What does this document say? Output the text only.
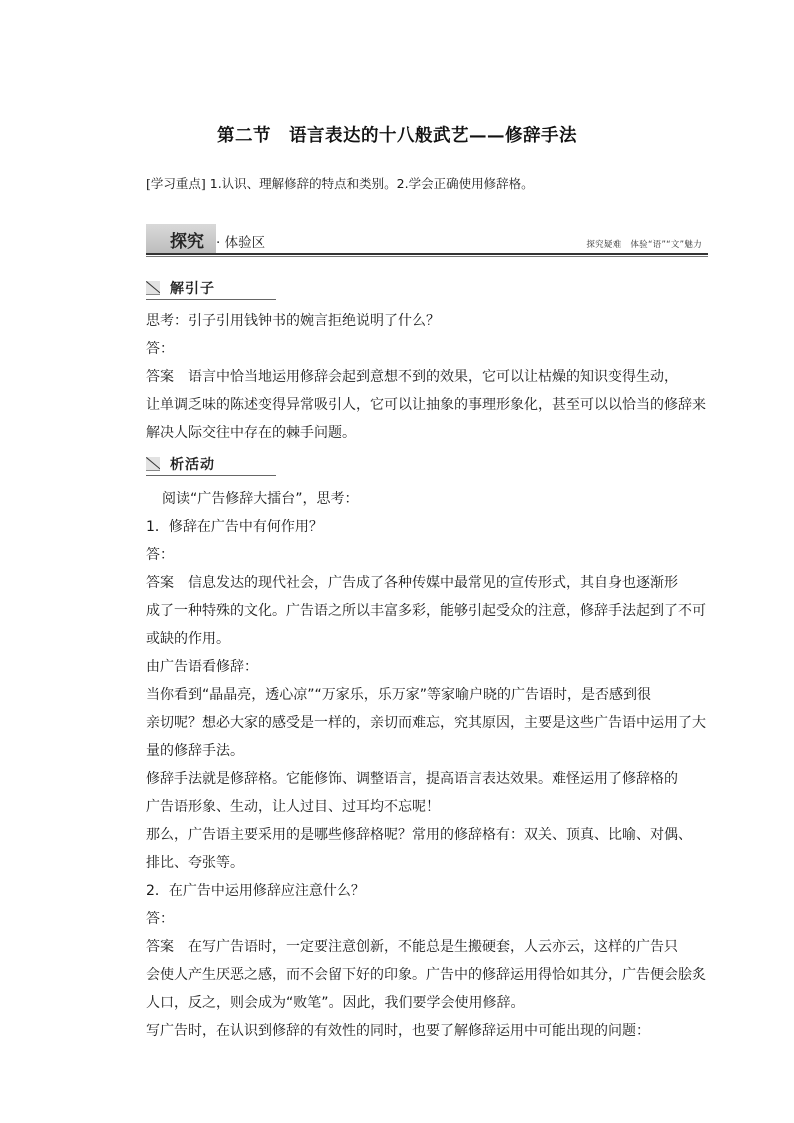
第二节 语言表达的十八般武艺——修辞手法
[学习重点] 1.认识、理解修辞的特点和类别。2.学会正确使用修辞格。
探究 · 体验区	探究疑难　体验“语”“文”魅力
解引子
思考：引子引用钱钟书的婉言拒绝说明了什么？
答：
答案 语言中恰当地运用修辞会起到意想不到的效果，它可以让枯燥的知识变得生动，
让单调乏味的陈述变得异常吸引人，它可以让抽象的事理形象化，甚至可以以恰当的修辞来
解决人际交往中存在的棘手问题。
析活动
阅读“广告修辞大擂台”，思考：
1．修辞在广告中有何作用？
答：
答案 信息发达的现代社会，广告成了各种传媒中最常见的宣传形式，其自身也逐渐形
成了一种特殊的文化。广告语之所以丰富多彩，能够引起受众的注意，修辞手法起到了不可
或缺的作用。
由广告语看修辞：
当你看到“晶晶亮，透心凉”“万家乐，乐万家”等家喻户晓的广告语时，是否感到很
亲切呢？想必大家的感受是一样的，亲切而难忘，究其原因，主要是这些广告语中运用了大
量的修辞手法。
修辞手法就是修辞格。它能修饰、调整语言，提高语言表达效果。难怪运用了修辞格的
广告语形象、生动，让人过目、过耳均不忘呢！
那么，广告语主要采用的是哪些修辞格呢？常用的修辞格有：双关、顶真、比喻、对偶、
排比、夸张等。
2．在广告中运用修辞应注意什么？
答：
答案 在写广告语时，一定要注意创新，不能总是生搬硬套，人云亦云，这样的广告只
会使人产生厌恶之感，而不会留下好的印象。广告中的修辞运用得恰如其分，广告便会脍炙
人口，反之，则会成为“败笔”。因此，我们要学会使用修辞。
写广告时，在认识到修辞的有效性的同时，也要了解修辞运用中可能出现的问题：
